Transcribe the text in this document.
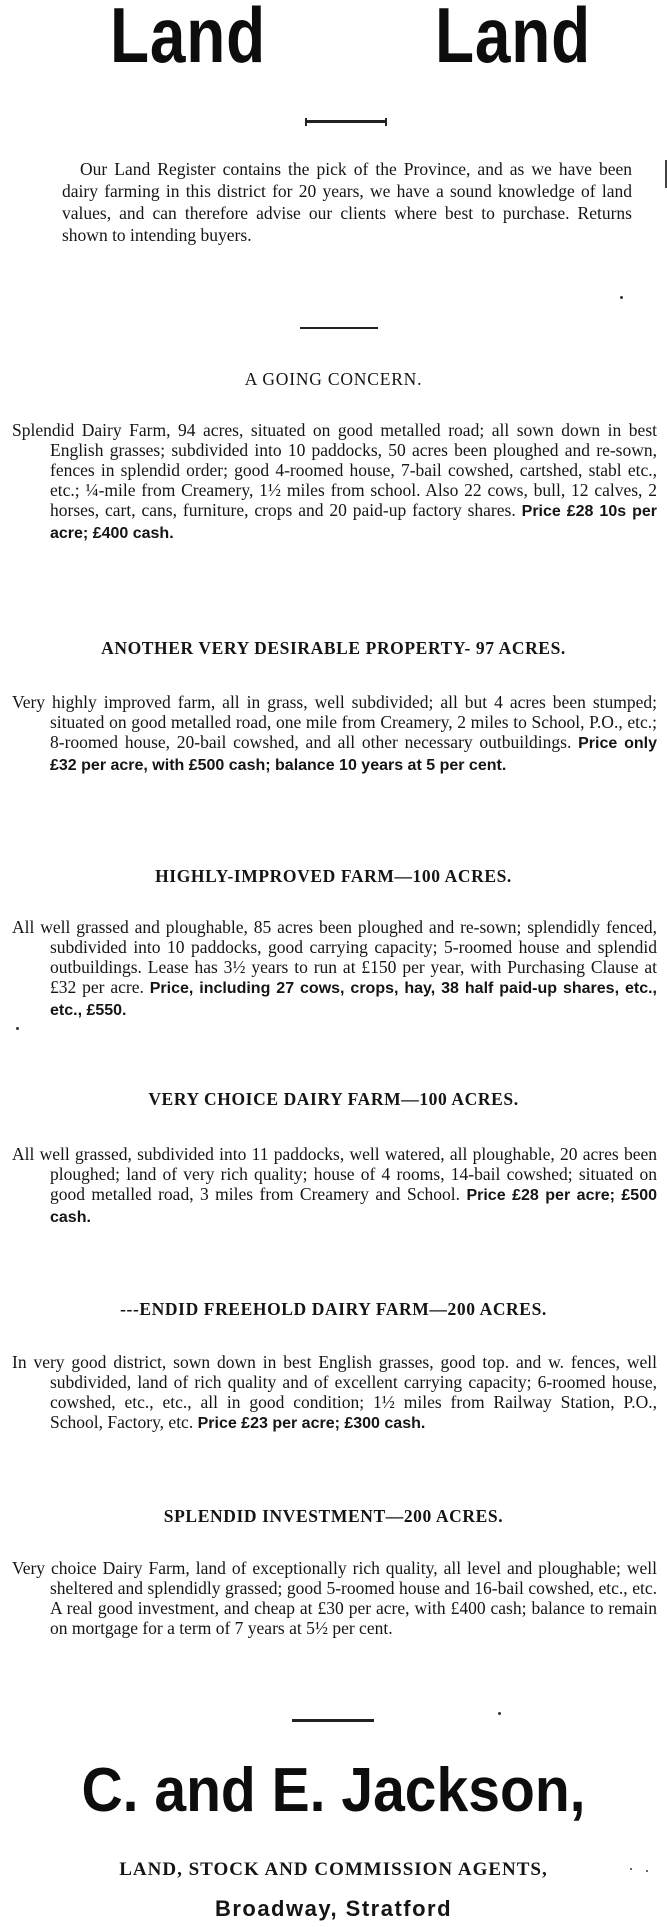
Land Land

Our Land Register contains the pick of the Province, and as we have been dairy farming in this district for 20 years, we have a sound knowledge of land values, and can therefore advise our clients where best to purchase. Returns shown to intending buyers.

A GOING CONCERN.
Splendid Dairy Farm, 94 acres, situated on good metalled road; all sown down in best English grasses; subdivided into 10 paddocks, 50 acres been ploughed and re-sown, fences in splendid order; good 4-roomed house, 7-bail cowshed, cartshed, stabl etc., etc.; ¼-mile from Creamery, 1½ miles from school. Also 22 cows, bull, 12 calves, 2 horses, cart, cans, furniture, crops and 20 paid-up factory shares. Price £28 10s per acre; £400 cash.
ANOTHER VERY DESIRABLE PROPERTY- 97 ACRES.
Very highly improved farm, all in grass, well subdivided; all but 4 acres been stumped; situated on good metalled road, one mile from Creamery, 2 miles to School, P.O., etc.; 8-roomed house, 20-bail cowshed, and all other necessary outbuildings. Price only £32 per acre, with £500 cash; balance 10 years at 5 per cent.
HIGHLY-IMPROVED FARM—100 ACRES.
All well grassed and ploughable, 85 acres been ploughed and re-sown; splendidly fenced, subdivided into 10 paddocks, good carrying capacity; 5-roomed house and splendid outbuildings. Lease has 3½ years to run at £150 per year, with Purchasing Clause at £32 per acre. Price, including 27 cows, crops, hay, 38 half paid-up shares, etc., etc., £550.
VERY CHOICE DAIRY FARM—100 ACRES.
All well grassed, subdivided into 11 paddocks, well watered, all ploughable, 20 acres been ploughed; land of very rich quality; house of 4 rooms, 14-bail cowshed; situated on good metalled road, 3 miles from Creamery and School. Price £28 per acre; £500 cash.
---ENDID FREEHOLD DAIRY FARM—200 ACRES.
In very good district, sown down in best English grasses, good top. and w. fences, well subdivided, land of rich quality and of excellent carrying capacity; 6-roomed house, cowshed, etc., etc., all in good condition; 1½ miles from Railway Station, P.O., School, Factory, etc. Price £23 per acre; £300 cash.
SPLENDID INVESTMENT—200 ACRES.
Very choice Dairy Farm, land of exceptionally rich quality, all level and ploughable; well sheltered and splendidly grassed; good 5-roomed house and 16-bail cowshed, etc., etc. A real good investment, and cheap at £30 per acre, with £400 cash; balance to remain on mortgage for a term of 7 years at 5½ per cent.
C. and E. Jackson,
LAND, STOCK AND COMMISSION AGENTS,
Broadway, Stratford
